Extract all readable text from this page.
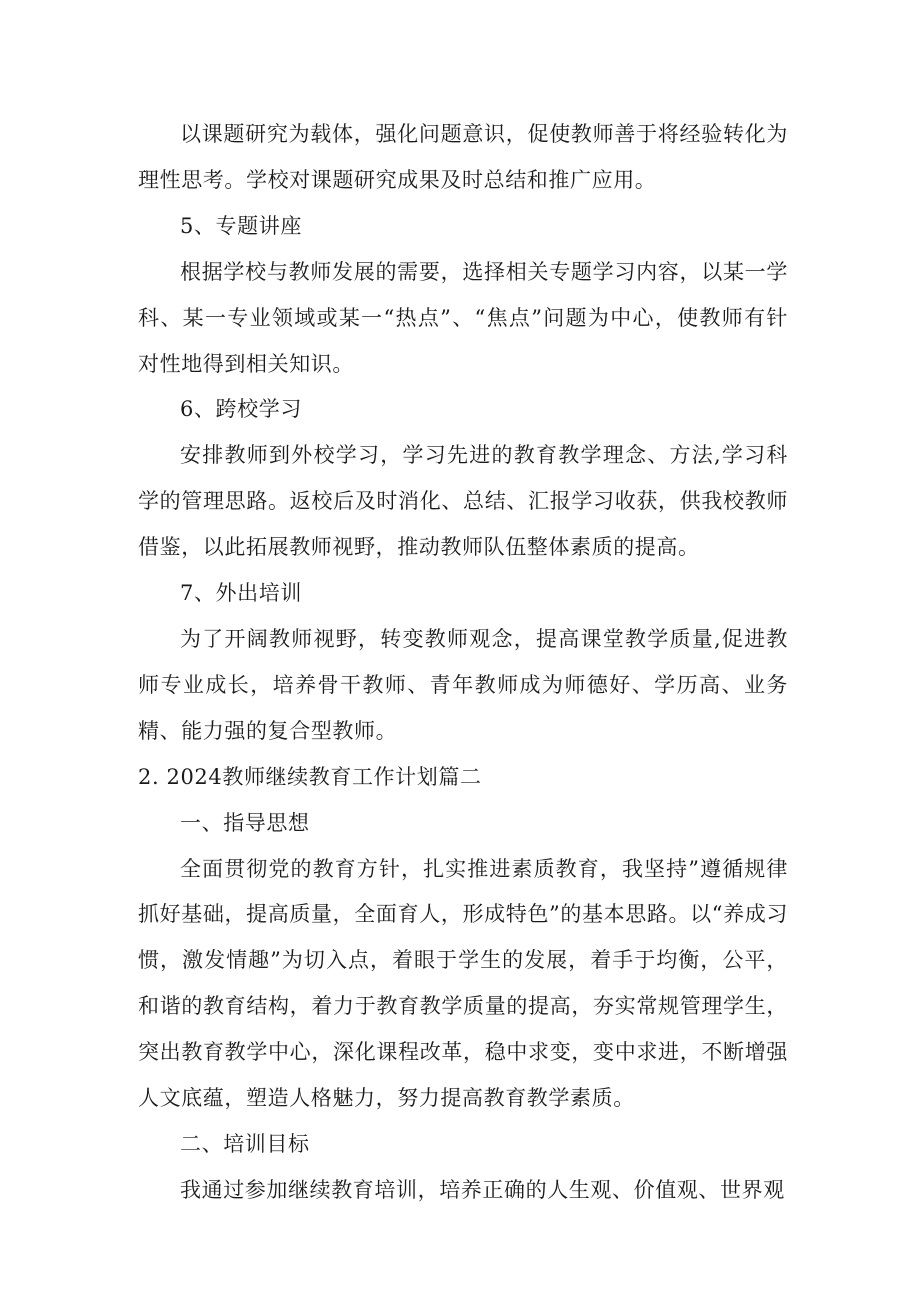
以课题研究为载体，强化问题意识，促使教师善于将经验转化为理性思考。学校对课题研究成果及时总结和推广应用。

5、专题讲座

根据学校与教师发展的需要，选择相关专题学习内容，以某一学科、某一专业领域或某一“热点”、“焦点”问题为中心，使教师有针对性地得到相关知识。

6、跨校学习

安排教师到外校学习，学习先进的教育教学理念、方法,学习科学的管理思路。返校后及时消化、总结、汇报学习收获，供我校教师借鉴，以此拓展教师视野，推动教师队伍整体素质的提高。

7、外出培训

为了开阔教师视野，转变教师观念，提高课堂教学质量,促进教师专业成长，培养骨干教师、青年教师成为师德好、学历高、业务精、能力强的复合型教师。

2. 2024教师继续教育工作计划篇二

一、指导思想

全面贯彻党的教育方针，扎实推进素质教育，我坚持”遵循规律抓好基础，提高质量，全面育人，形成特色”的基本思路。以“养成习惯，激发情趣”为切入点，着眼于学生的发展，着手于均衡，公平，和谐的教育结构，着力于教育教学质量的提高，夯实常规管理学生，突出教育教学中心，深化课程改革，稳中求变，变中求进，不断增强人文底蕴，塑造人格魅力，努力提高教育教学素质。

二、培训目标

我通过参加继续教育培训，培养正确的人生观、价值观、世界观
